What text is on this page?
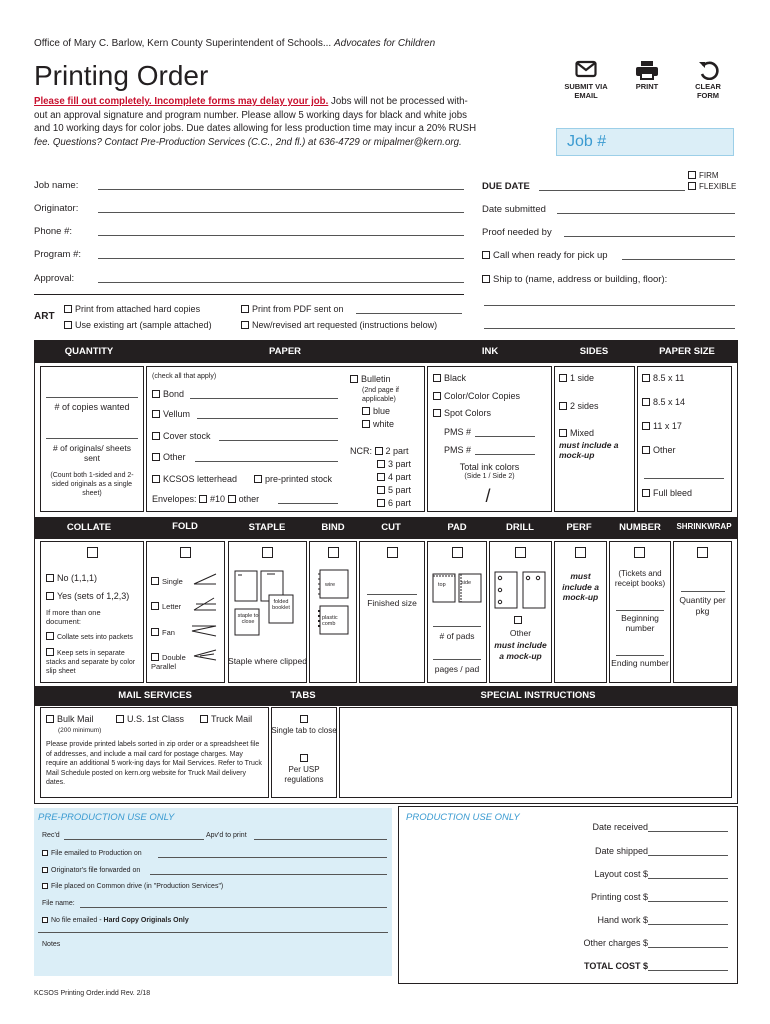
Office of Mary C. Barlow, Kern County Superintendent of Schools... Advocates for Children
Printing Order
Please fill out completely. Incomplete forms may delay your job. Jobs will not be processed with-
out an approval signature and program number. Please allow 5 working days for black and white jobs
and 10 working days for color jobs. Due dates allowing for less production time may incur a 20% RUSH
fee. Questions? Contact Pre-Production Services (C.C., 2nd fl.) at 636-4729 or mipalmer@kern.org.
SUBMIT VIA EMAIL
PRINT	CLEAR FORM
Job #
Job name:
Originator:
Phone #:
Program #:
Approval:
DUE DATE
FIRM
FLEXIBLE
Date submitted
Proof needed by
Call when ready for pick up
Ship to (name, address or building, floor):
ART
Print from attached hard copies
Use existing art (sample attached)
Print from PDF sent on
New/revised art requested (instructions below)
QUANTITY	PAPER	INK	SIDES	PAPER SIZE
# of copies wanted
# of originals/ sheets sent
(Count both 1-sided and 2-sided originals as a single sheet)
(check all that apply)
Bond
Vellum
Cover stock
Other
KCSOS letterhead	pre-printed stock
Envelopes: #10 other
Bulletin
(2nd page if applicable)
blue
white
NCR: 2 part
3 part
4 part
5 part
6 part
Black
Color/Color Copies
Spot Colors
PMS #
PMS #
Total ink colors
(Side 1 / Side 2)
/
1 side
2 sides
Mixed
must include a mock-up
8.5 x 11
8.5 x 14
11 x 17
Other
Full bleed
COLLATE	FOLD	STAPLE	BIND	CUT	PAD	DRILL	PERF	NUMBER	SHRINKWRAP
No (1,1,1)
Yes (sets of 1,2,3)
If more than one document:
Collate sets into packets
Keep sets in separate stacks and separate by color slip sheet
Single
Letter
Fan
Double Parallel
staple to close
folded booklet
Staple where clipped
wire
plastic comb
Finished size
top	side
# of pads
pages / pad
Other
must include a mock-up
must include a mock-up
(Tickets and receipt books)
Beginning number
Ending number
Quantity per pkg
MAIL SERVICES	TABS	SPECIAL INSTRUCTIONS
Bulk Mail	U.S. 1st Class	Truck Mail
(200 minimum)
Please provide printed labels sorted in zip order or a spreadsheet file of addresses, and include a mail card for postage charges. May require an additional 5 work-ing days for Mail Services. Refer to Truck Mail Schedule posted on kern.org website for Truck Mail delivery dates.
Single tab to close
Per USP regulations
PRE-PRODUCTION USE ONLY
Rec'd	Apv'd to print
File emailed to Production on
Originator's file forwarded on
File placed on Common drive (in "Production Services")
File name:
No file emailed - Hard Copy Originals Only
Notes
PRODUCTION USE ONLY
Date received
Date shipped
Layout cost $
Printing cost $
Hand work $
Other charges $
TOTAL COST $
KCSOS Printing Order.indd Rev. 2/18
